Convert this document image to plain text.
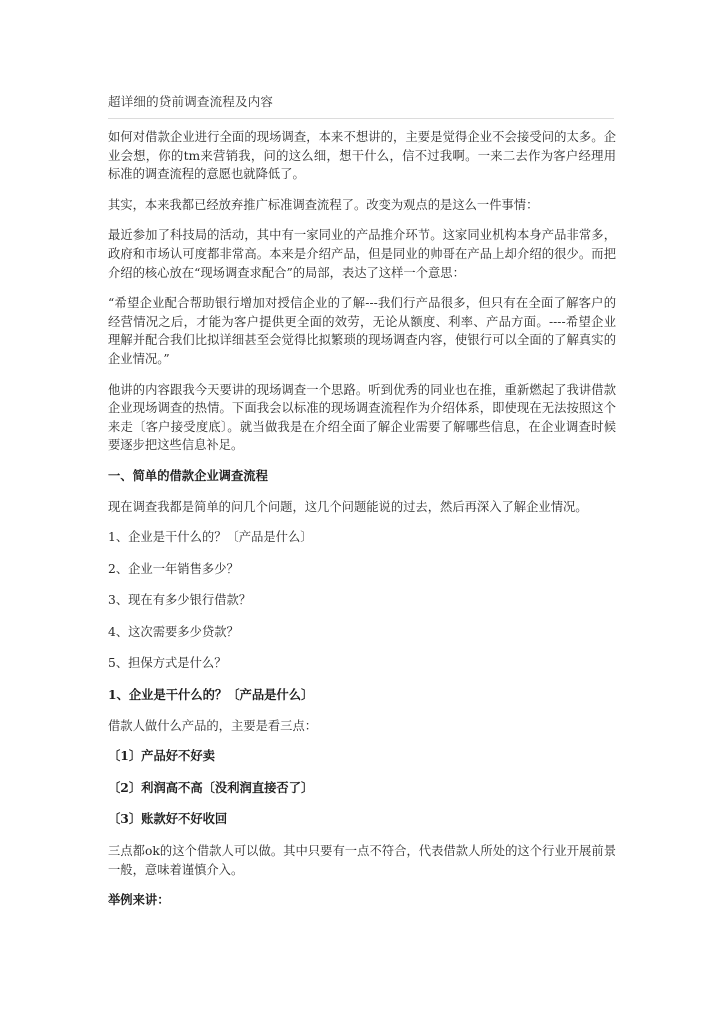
超详细的贷前调查流程及内容

如何对借款企业进行全面的现场调查，本来不想讲的，主要是觉得企业不会接受问的太多。企业会想，你的tm来营销我，问的这么细，想干什么，信不过我啊。一来二去作为客户经理用标准的调查流程的意愿也就降低了。

其实，本来我都已经放弃推广标准调查流程了。改变为观点的是这么一件事情：

最近参加了科技局的活动，其中有一家同业的产品推介环节。这家同业机构本身产品非常多，政府和市场认可度都非常高。本来是介绍产品，但是同业的帅哥在产品上却介绍的很少。而把介绍的核心放在“现场调查求配合”的局部，表达了这样一个意思：

“希望企业配合帮助银行增加对授信企业的了解---我们行产品很多，但只有在全面了解客户的经营情况之后，才能为客户提供更全面的效劳，无论从额度、利率、产品方面。----希望企业理解并配合我们比拟详细甚至会觉得比拟繁琐的现场调查内容，使银行可以全面的了解真实的企业情况。”

他讲的内容跟我今天要讲的现场调查一个思路。听到优秀的同业也在推，重新燃起了我讲借款企业现场调查的热情。下面我会以标准的现场调查流程作为介绍体系，即使现在无法按照这个来走〔客户接受度底〕。就当做我是在介绍全面了解企业需要了解哪些信息，在企业调查时候要逐步把这些信息补足。

一、简单的借款企业调查流程

现在调查我都是简单的问几个问题，这几个问题能说的过去，然后再深入了解企业情况。

1、企业是干什么的？〔产品是什么〕

2、企业一年销售多少？

3、现在有多少银行借款？

4、这次需要多少贷款？

5、担保方式是什么？

1、企业是干什么的？〔产品是什么〕

借款人做什么产品的，主要是看三点：

〔1〕产品好不好卖

〔2〕利润高不高〔没利润直接否了〕

〔3〕账款好不好收回

三点都ok的这个借款人可以做。其中只要有一点不符合，代表借款人所处的这个行业开展前景一般，意味着谨慎介入。

举例来讲：
